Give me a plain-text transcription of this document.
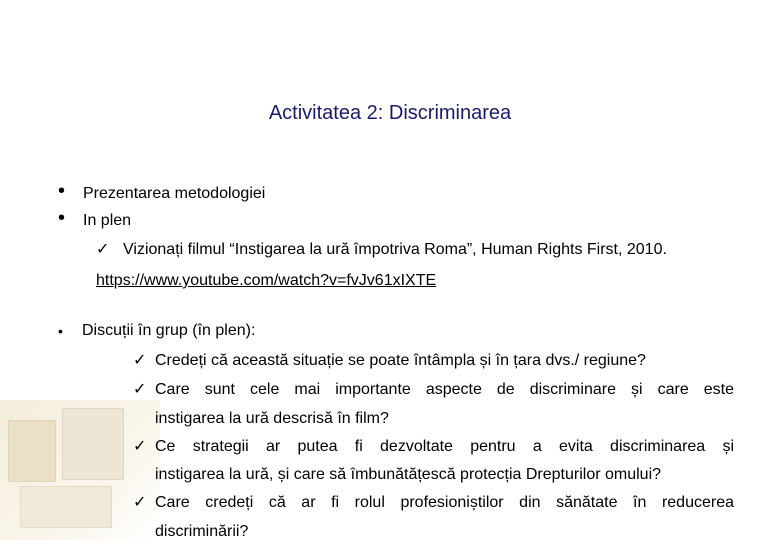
Activitatea 2: Discriminarea
• Prezentarea metodologiei
• In plen
✓ Vizionați filmul “Instigarea la ură împotriva Roma”, Human Rights First, 2010.
https://www.youtube.com/watch?v=fvJv61xIXTE
• Discuții în grup (în plen):
✓ Credeți că această situație se poate întâmpla și în țara dvs./ regiune?
✓ Care sunt cele mai importante aspecte de discriminare și care este
instigarea la ură descrisă în film?
✓ Ce strategii ar putea fi dezvoltate pentru a evita discriminarea și
instigarea la ură, și care să îmbunătățescă protecția Drepturilor omului?
✓ Care credeți că ar fi rolul profesioniștilor din sănătate în reducerea
discriminării?
